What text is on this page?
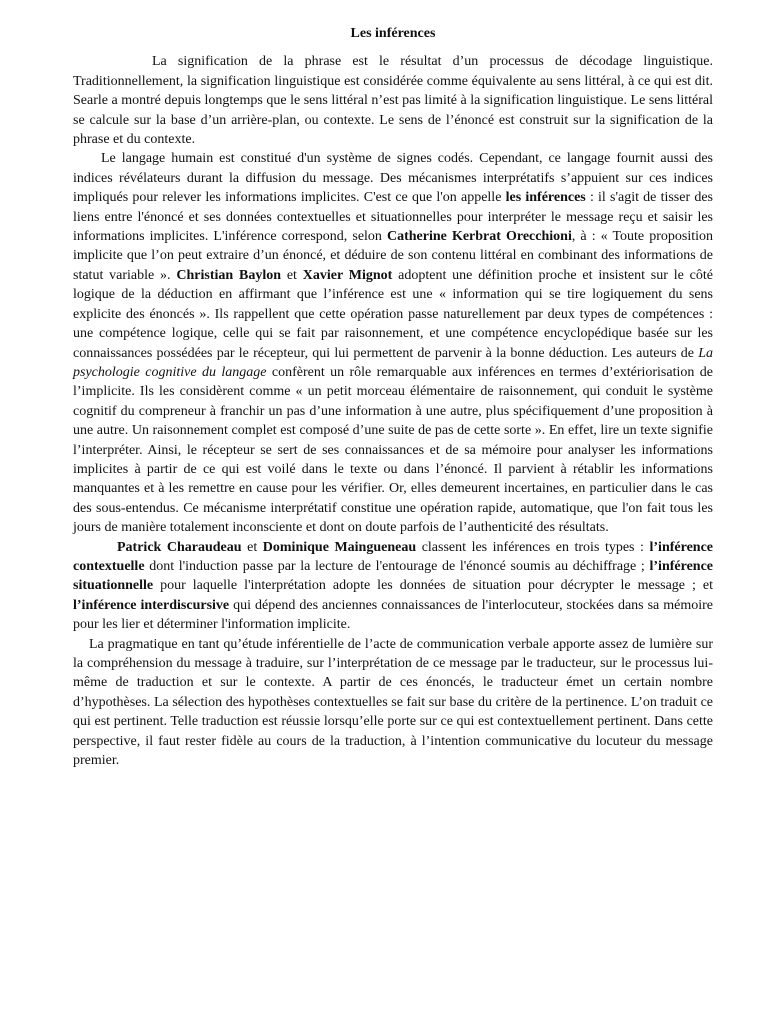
Les inférences

La signification de la phrase est le résultat d’un processus de décodage linguistique. Traditionnellement, la signification linguistique est considérée comme équivalente au sens littéral, à ce qui est dit. Searle a montré depuis longtemps que le sens littéral n’est pas limité à la signification linguistique. Le sens littéral se calcule sur la base d’un arrière-plan, ou contexte. Le sens de l’énoncé est construit sur la signification de la phrase et du contexte.

Le langage humain est constitué d'un système de signes codés. Cependant, ce langage fournit aussi des indices révélateurs durant la diffusion du message. Des mécanismes interprétatifs s’appuient sur ces indices impliqués pour relever les informations implicites. C'est ce que l'on appelle les inférences : il s'agit de tisser des liens entre l'énoncé et ses données contextuelles et situationnelles pour interpréter le message reçu et saisir les informations implicites. L'inférence correspond, selon Catherine Kerbrat Orecchioni, à : « Toute proposition implicite que l’on peut extraire d’un énoncé, et déduire de son contenu littéral en combinant des informations de statut variable ». Christian Baylon et Xavier Mignot adoptent une définition proche et insistent sur le côté logique de la déduction en affirmant que l’inférence est une « information qui se tire logiquement du sens explicite des énoncés ». Ils rappellent que cette opération passe naturellement par deux types de compétences : une compétence logique, celle qui se fait par raisonnement, et une compétence encyclopédique basée sur les connaissances possédées par le récepteur, qui lui permettent de parvenir à la bonne déduction. Les auteurs de La psychologie cognitive du langage confèrent un rôle remarquable aux inférences en termes d’extériorisation de l’implicite. Ils les considèrent comme « un petit morceau élémentaire de raisonnement, qui conduit le système cognitif du compreneur à franchir un pas d’une information à une autre, plus spécifiquement d’une proposition à une autre. Un raisonnement complet est composé d’une suite de pas de cette sorte ». En effet, lire un texte signifie l’interpréter. Ainsi, le récepteur se sert de ses connaissances et de sa mémoire pour analyser les informations implicites à partir de ce qui est voilé dans le texte ou dans l’énoncé. Il parvient à rétablir les informations manquantes et à les remettre en cause pour les vérifier. Or, elles demeurent incertaines, en particulier dans le cas des sous-entendus. Ce mécanisme interprétatif constitue une opération rapide, automatique, que l'on fait tous les jours de manière totalement inconsciente et dont on doute parfois de l’authenticité des résultats.

Patrick Charaudeau et Dominique Maingueneau classent les inférences en trois types : l’inférence contextuelle dont l'induction passe par la lecture de l'entourage de l'énoncé soumis au déchiffrage ; l’inférence situationnelle pour laquelle l'interprétation adopte les données de situation pour décrypter le message ; et l’inférence interdiscursive qui dépend des anciennes connaissances de l'interlocuteur, stockées dans sa mémoire pour les lier et déterminer l'information implicite.

La pragmatique en tant qu’étude inférentielle de l’acte de communication verbale apporte assez de lumière sur la compréhension du message à traduire, sur l’interprétation de ce message par le traducteur, sur le processus lui-même de traduction et sur le contexte. A partir de ces énoncés, le traducteur émet un certain nombre d’hypothèses. La sélection des hypothèses contextuelles se fait sur base du critère de la pertinence. L’on traduit ce qui est pertinent. Telle traduction est réussie lorsqu’elle porte sur ce qui est contextuellement pertinent. Dans cette perspective, il faut rester fidèle au cours de la traduction, à l’intention communicative du locuteur du message premier.
